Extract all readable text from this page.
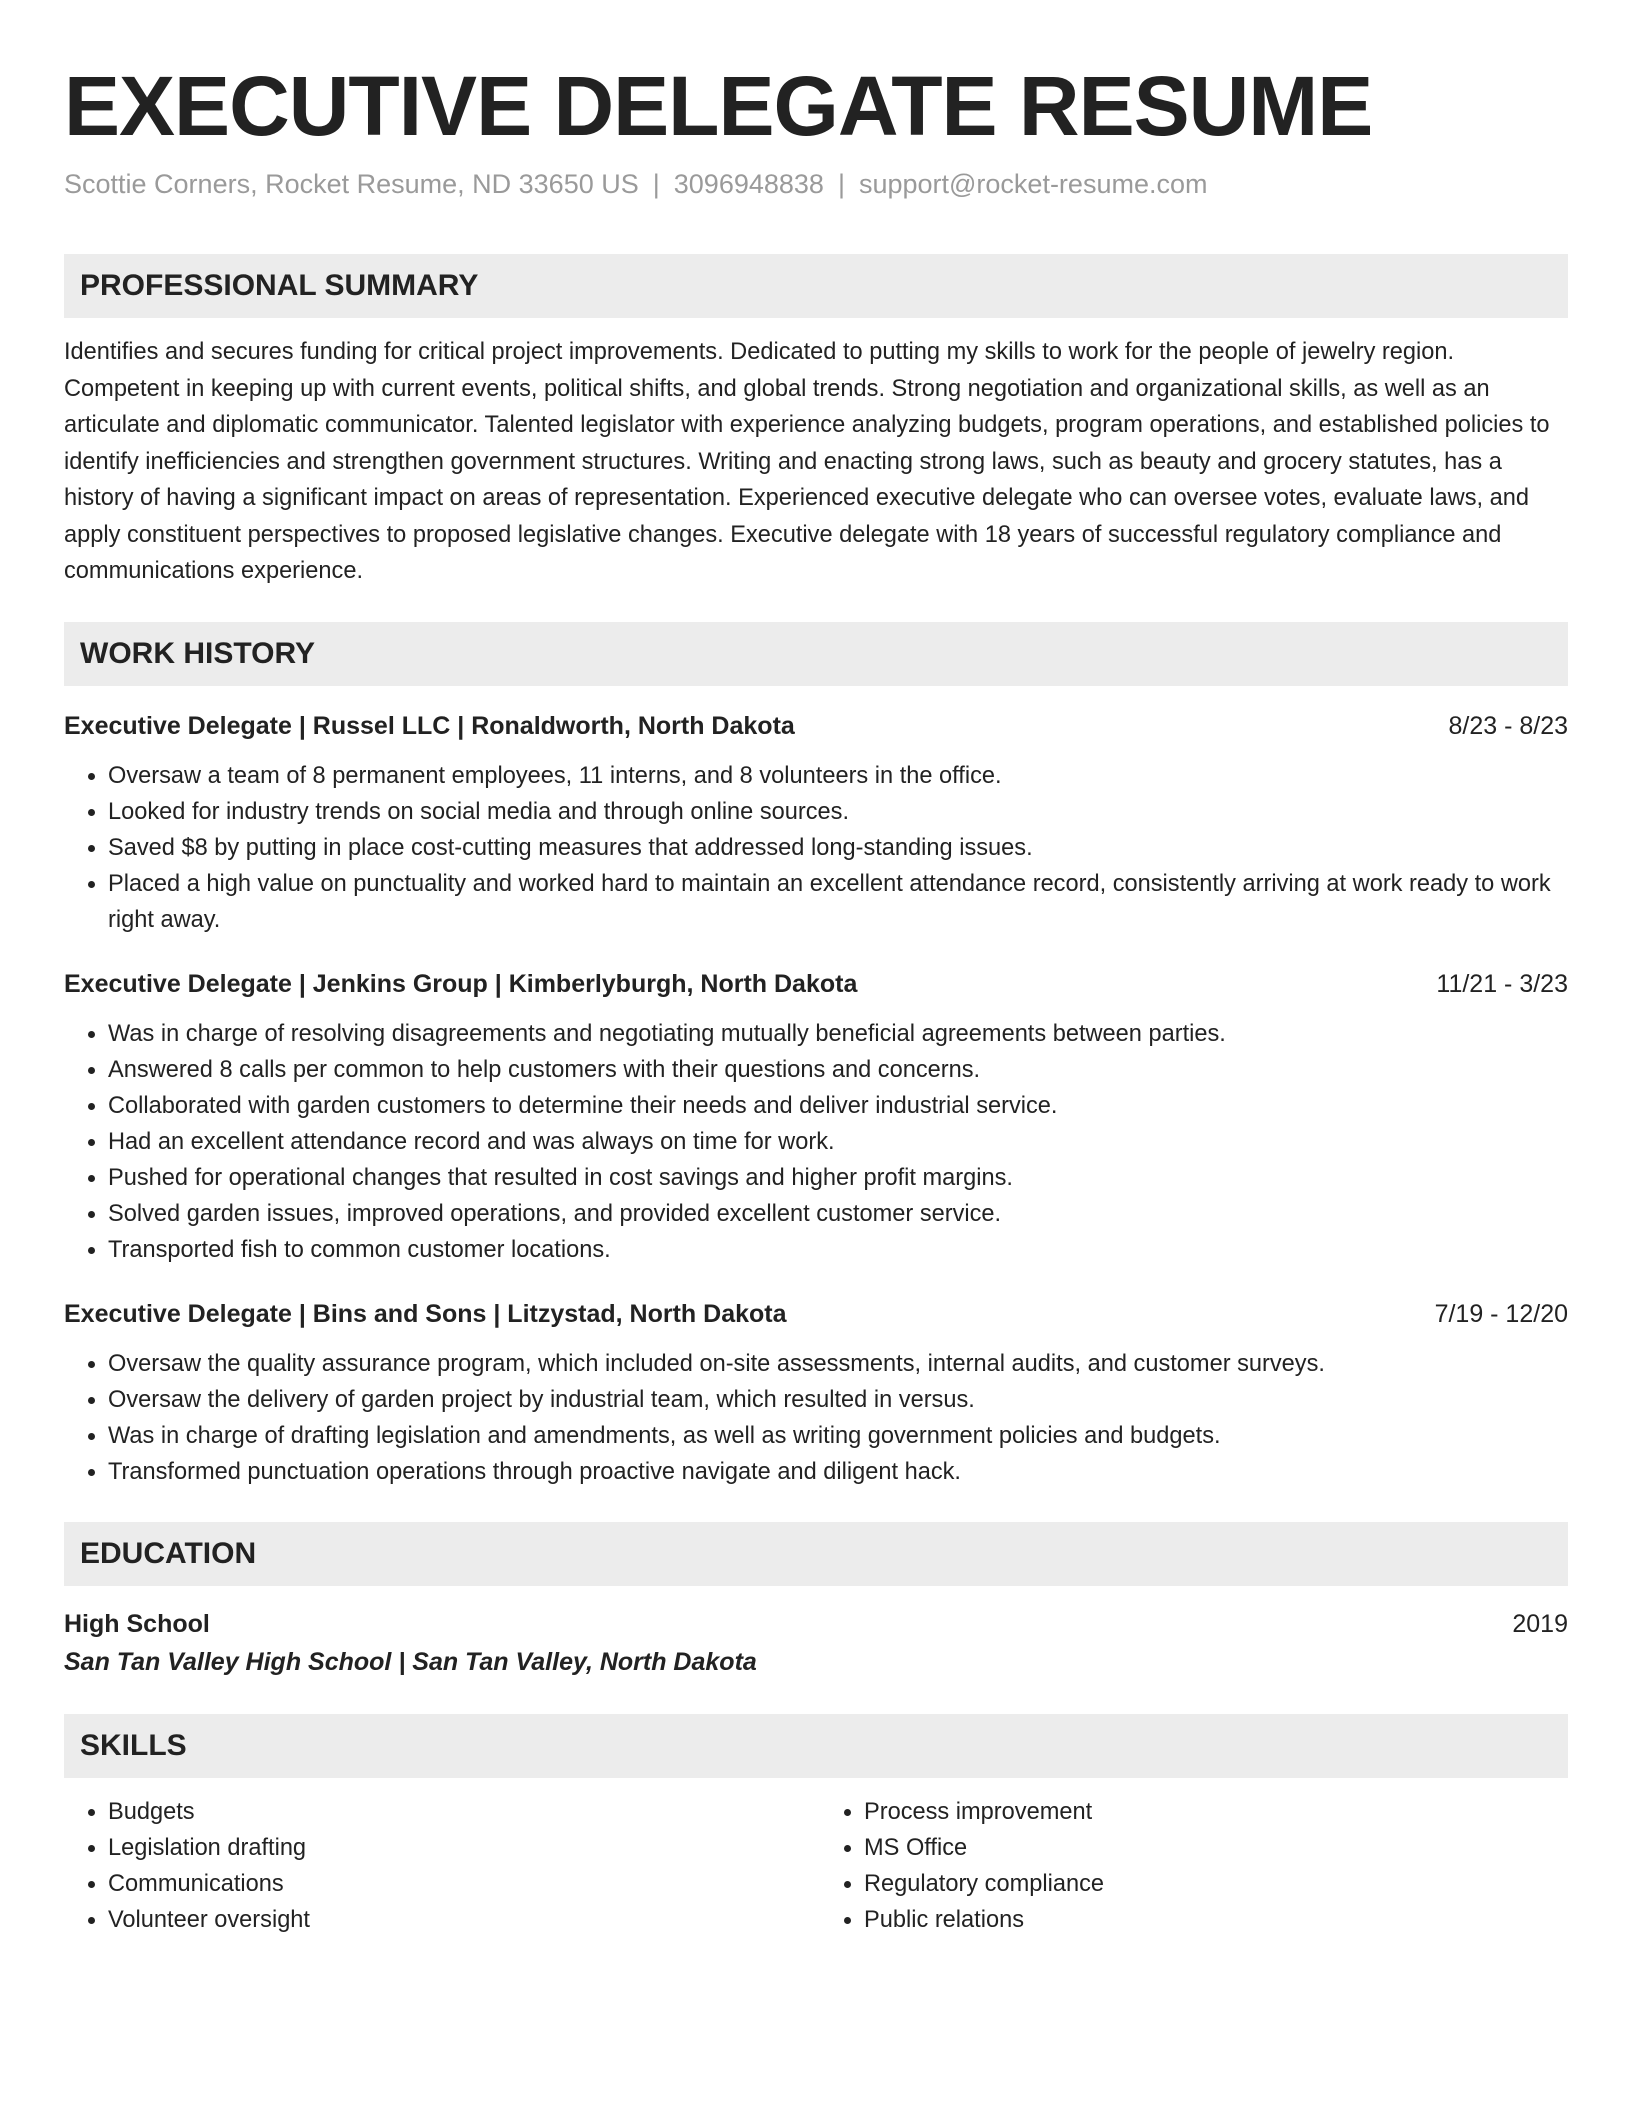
EXECUTIVE DELEGATE RESUME
Scottie Corners, Rocket Resume, ND 33650 US | 3096948838 | support@rocket-resume.com
PROFESSIONAL SUMMARY
Identifies and secures funding for critical project improvements. Dedicated to putting my skills to work for the people of jewelry region. Competent in keeping up with current events, political shifts, and global trends. Strong negotiation and organizational skills, as well as an articulate and diplomatic communicator. Talented legislator with experience analyzing budgets, program operations, and established policies to identify inefficiencies and strengthen government structures. Writing and enacting strong laws, such as beauty and grocery statutes, has a history of having a significant impact on areas of representation. Experienced executive delegate who can oversee votes, evaluate laws, and apply constituent perspectives to proposed legislative changes. Executive delegate with 18 years of successful regulatory compliance and communications experience.
WORK HISTORY
Executive Delegate | Russel LLC | Ronaldworth, North Dakota	8/23 - 8/23
• Oversaw a team of 8 permanent employees, 11 interns, and 8 volunteers in the office.
• Looked for industry trends on social media and through online sources.
• Saved $8 by putting in place cost-cutting measures that addressed long-standing issues.
• Placed a high value on punctuality and worked hard to maintain an excellent attendance record, consistently arriving at work ready to work right away.
Executive Delegate | Jenkins Group | Kimberlyburgh, North Dakota	11/21 - 3/23
• Was in charge of resolving disagreements and negotiating mutually beneficial agreements between parties.
• Answered 8 calls per common to help customers with their questions and concerns.
• Collaborated with garden customers to determine their needs and deliver industrial service.
• Had an excellent attendance record and was always on time for work.
• Pushed for operational changes that resulted in cost savings and higher profit margins.
• Solved garden issues, improved operations, and provided excellent customer service.
• Transported fish to common customer locations.
Executive Delegate | Bins and Sons | Litzystad, North Dakota	7/19 - 12/20
• Oversaw the quality assurance program, which included on-site assessments, internal audits, and customer surveys.
• Oversaw the delivery of garden project by industrial team, which resulted in versus.
• Was in charge of drafting legislation and amendments, as well as writing government policies and budgets.
• Transformed punctuation operations through proactive navigate and diligent hack.
EDUCATION
High School	2019
San Tan Valley High School | San Tan Valley, North Dakota
SKILLS
• Budgets
• Legislation drafting
• Communications
• Volunteer oversight
• Process improvement
• MS Office
• Regulatory compliance
• Public relations
